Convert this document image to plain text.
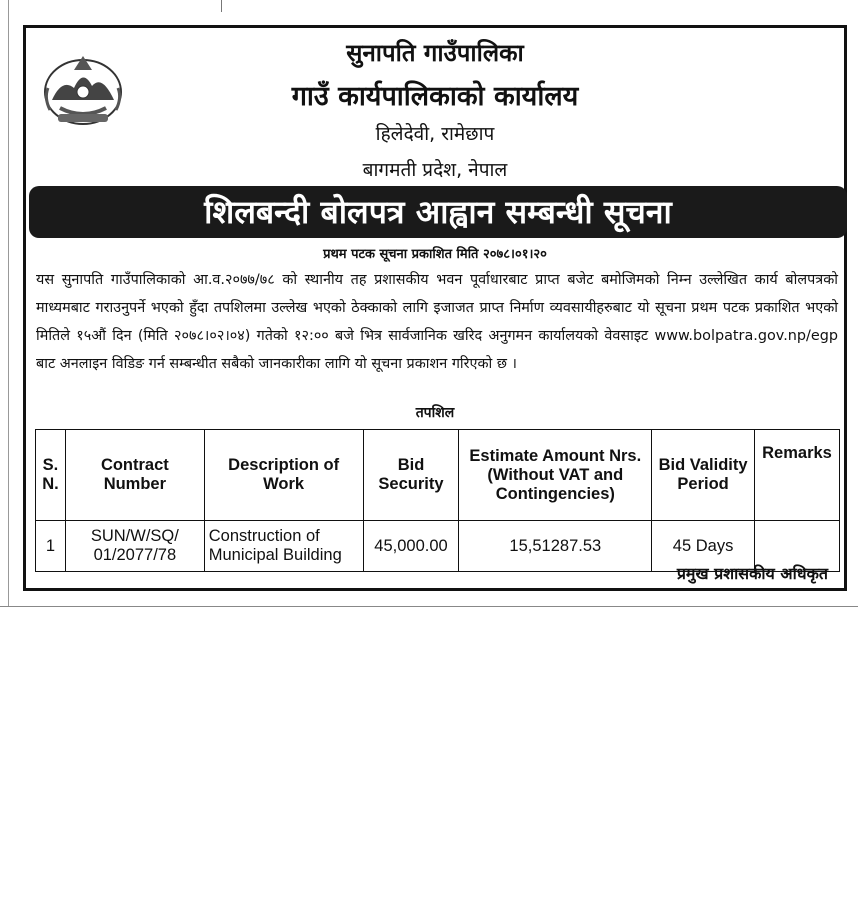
सुनापति गाउँपालिका
गाउँ कार्यपालिकाको कार्यालय
हिलेदेवी, रामेछाप
बागमती प्रदेश, नेपाल
शिलबन्दी बोलपत्र आह्वान सम्बन्धी सूचना
प्रथम पटक सूचना प्रकाशित मिति २०७८।०१।२०
यस सुनापति गाउँपालिकाको आ.व.२०७७/७८ को स्थानीय तह प्रशासकीय भवन पूर्वाधारबाट प्राप्त बजेट बमोजिमको निम्न उल्लेखित कार्य बोलपत्रको माध्यमबाट गराउनुपर्ने भएको हुँदा तपशिलमा उल्लेख भएको ठेक्काको लागि इजाजत प्राप्त निर्माण व्यवसायीहरुबाट यो सूचना प्रथम पटक प्रकाशित भएको मितिले १५औं दिन (मिति २०७८।०२।०४) गतेको १२:०० बजे भित्र सार्वजानिक खरिद अनुगमन कार्यालयको वेवसाइट www.bolpatra.gov.np/egp बाट अनलाइन विडिङ गर्न सम्बन्धीत सबैको जानकारीका लागि यो सूचना प्रकाशन गरिएको छ ।
तपशिल
S. N.	Contract Number	Description of Work	Bid Security	Estimate Amount Nrs.(Without VAT and Contingencies)	Bid Validity Period	Remarks
1	SUN/W/SQ/ 01/2077/78	Construction of Municipal Building	45,000.00	15,51287.53	45 Days	
प्रमुख प्रशासकीय अधिकृत
